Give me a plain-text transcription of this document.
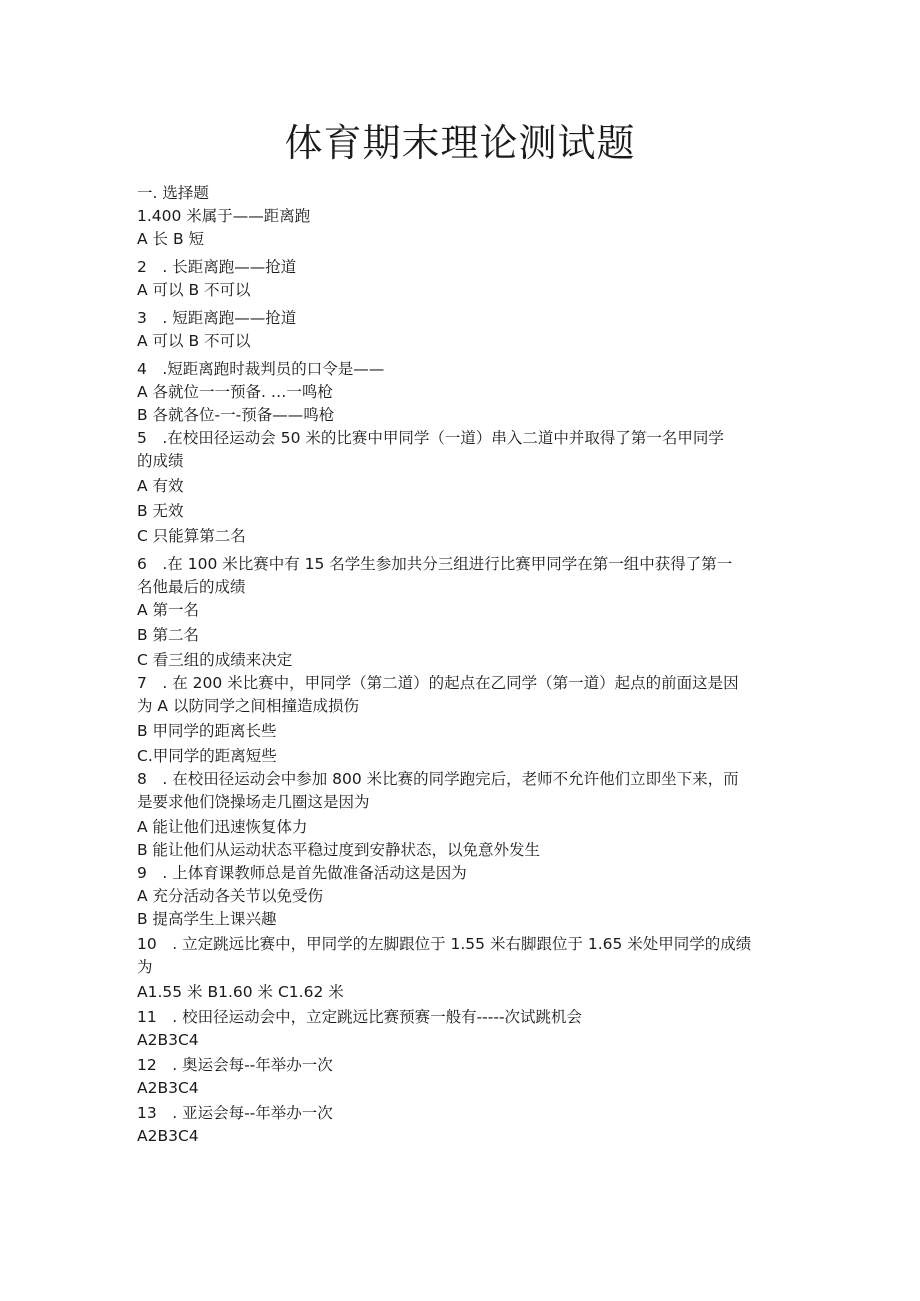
体育期末理论测试题

一. 选择题

1.400 米属于——距离跑

A 长 B 短

2　. 长距离跑——抢道

A 可以 B 不可以

3　. 短距离跑——抢道

A 可以 B 不可以

4　.短距离跑时裁判员的口令是——

A 各就位一一预备. …一鸣枪

B 各就各位-一-预备——鸣枪

5　.在校田径运动会 50 米的比赛中甲同学（一道）串入二道中并取得了第一名甲同学

的成绩

A 有效

B 无效

C 只能算第二名

6　.在 100 米比赛中有 15 名学生参加共分三组进行比赛甲同学在第一组中获得了第一

名他最后的成绩

A 第一名

B 第二名

C 看三组的成绩来决定

7　. 在 200 米比赛中，甲同学（第二道）的起点在乙同学（第一道）起点的前面这是因

为 A 以防同学之间相撞造成损伤

B 甲同学的距离长些

C.甲同学的距离短些

8　. 在校田径运动会中参加 800 米比赛的同学跑完后，老师不允许他们立即坐下来，而

是要求他们饶操场走几圈这是因为

A 能让他们迅速恢复体力

B 能让他们从运动状态平稳过度到安静状态，以免意外发生

9　. 上体育课教师总是首先做准备活动这是因为

A 充分活动各关节以免受伤

B 提高学生上课兴趣

10　. 立定跳远比赛中，甲同学的左脚跟位于 1.55 米右脚跟位于 1.65 米处甲同学的成绩

为

A1.55 米 B1.60 米 C1.62 米

11　. 校田径运动会中，立定跳远比赛预赛一般有-----次试跳机会

A2B3C4

12　. 奥运会每--年举办一次

A2B3C4

13　. 亚运会每--年举办一次

A2B3C4
